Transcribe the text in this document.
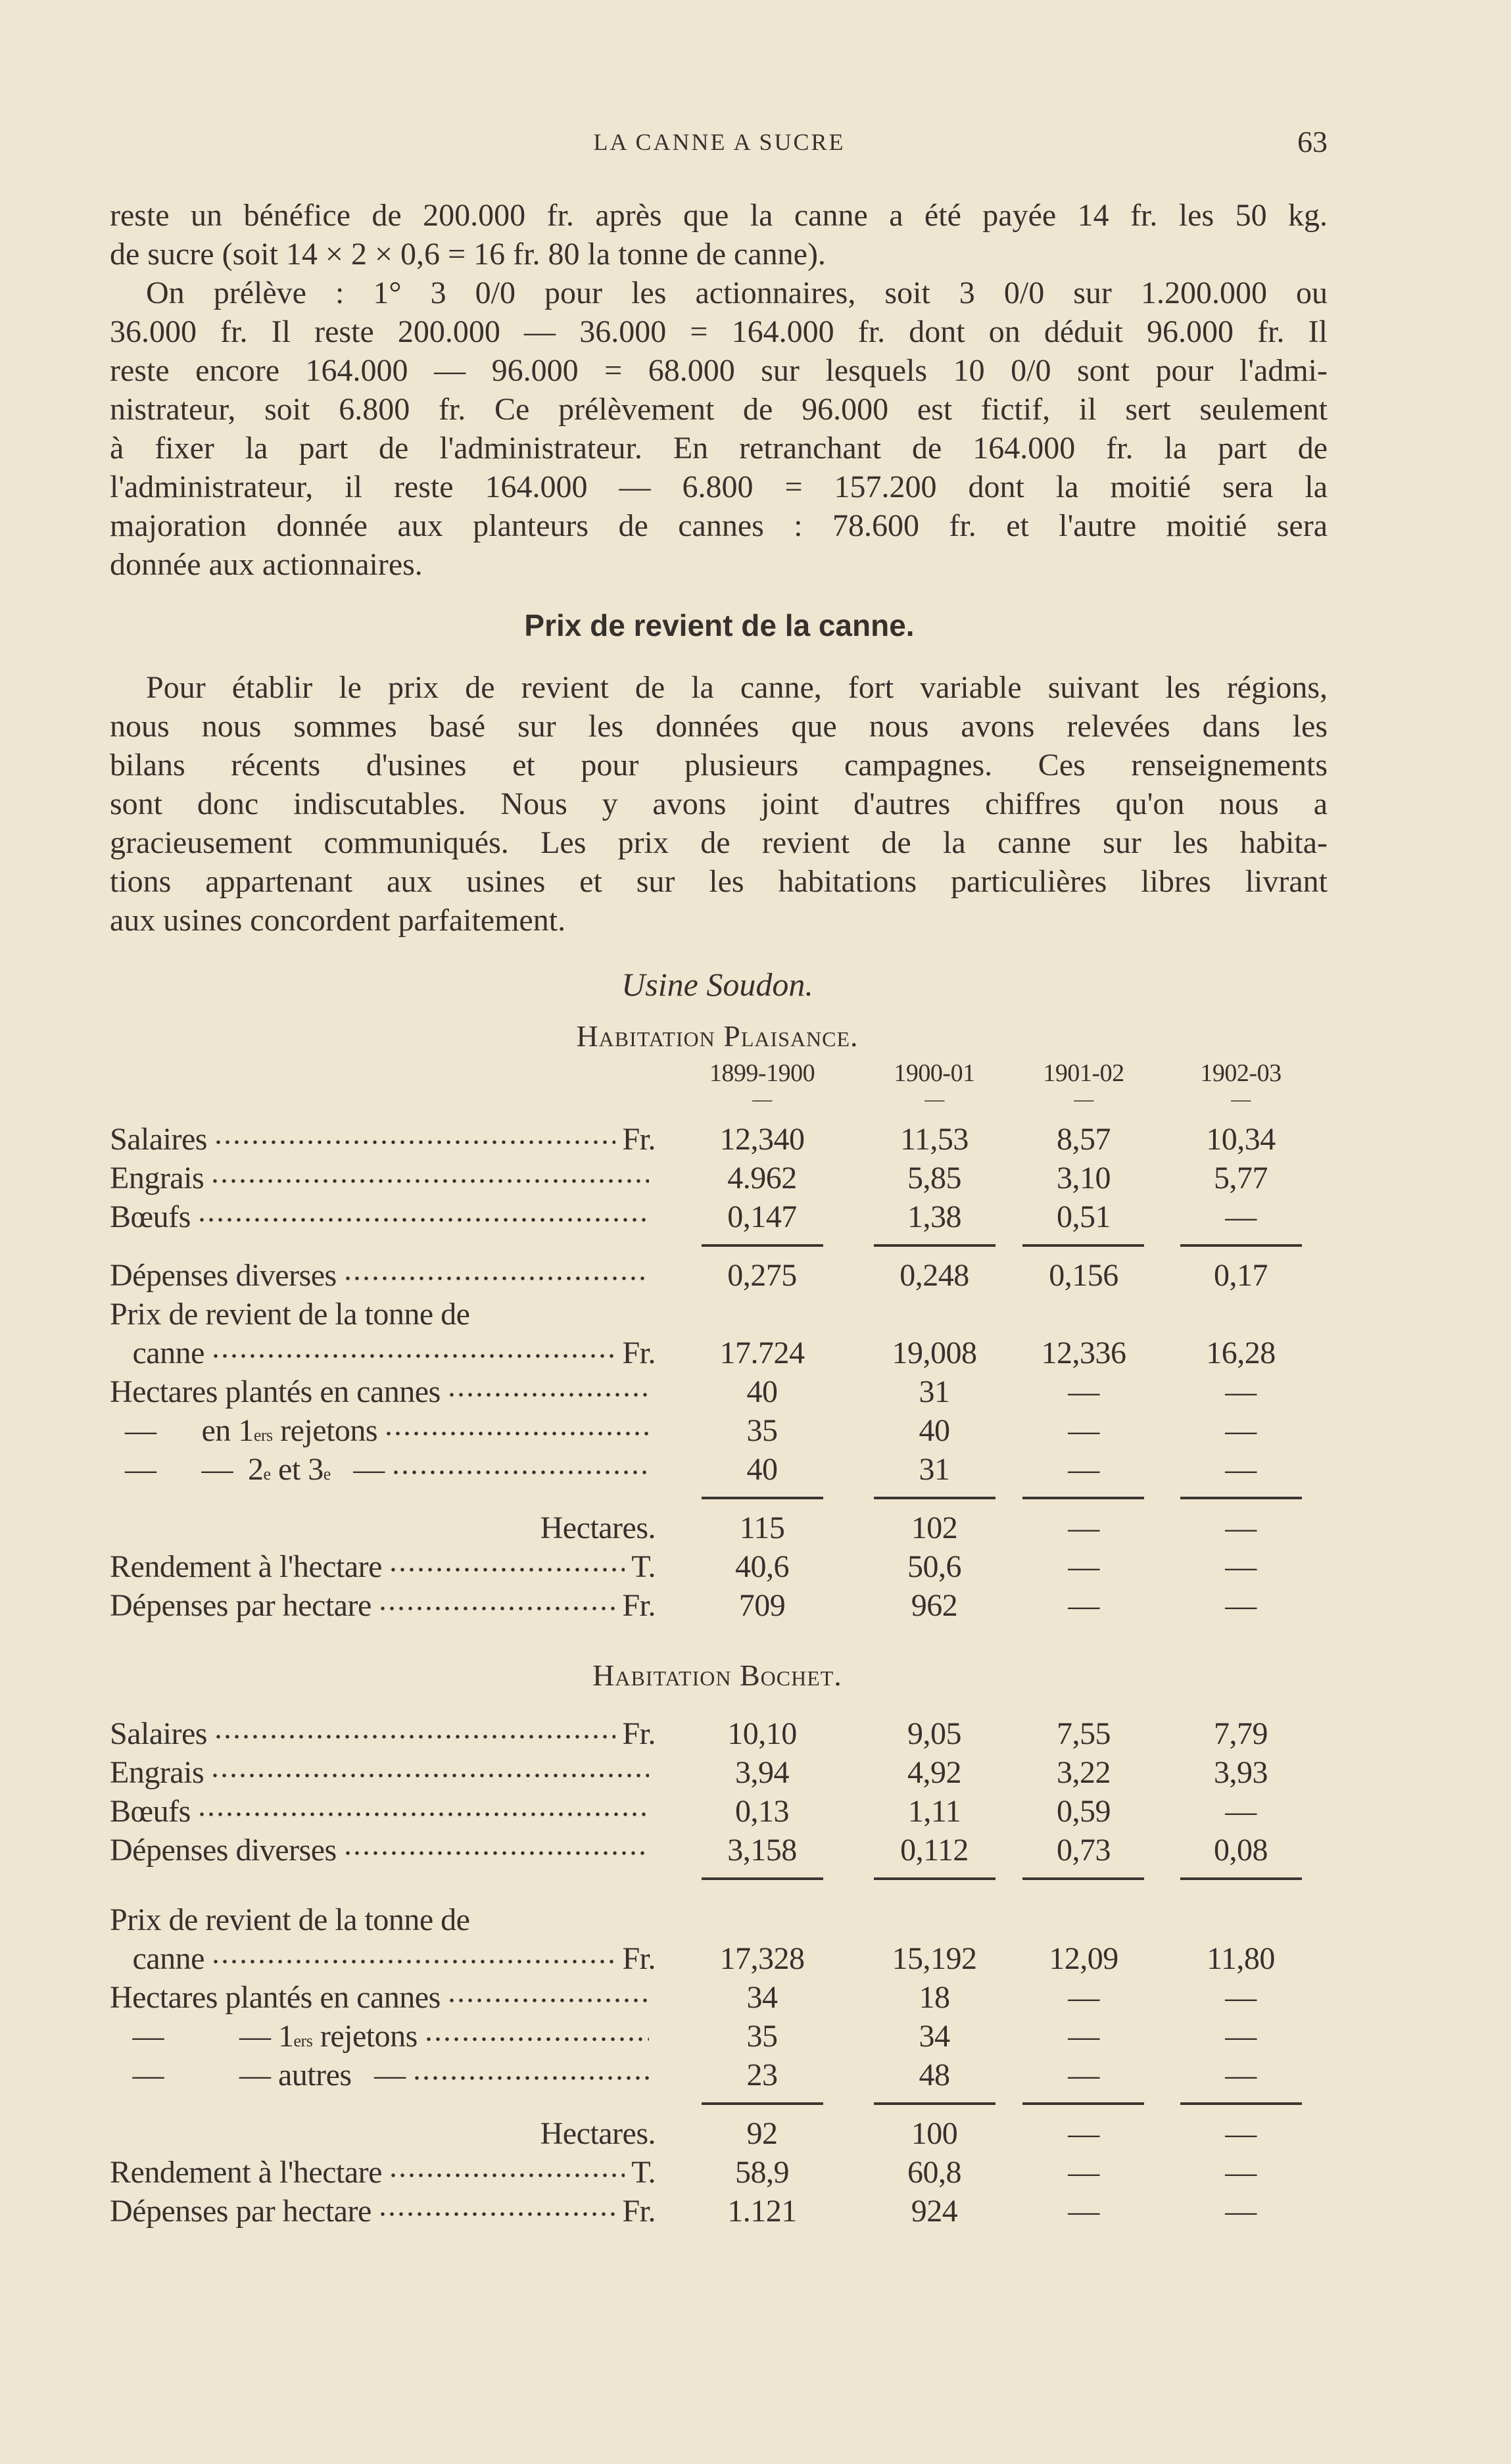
LA CANNE A SUCRE	63
reste un bénéfice de 200.000 fr. après que la canne a été payée 14 fr. les 50 kg.
de sucre (soit 14 × 2 × 0,6 = 16 fr. 80 la tonne de canne).
On prélève : 1° 3 0/0 pour les actionnaires, soit 3 0/0 sur 1.200.000 ou
36.000 fr. Il reste 200.000 — 36.000 = 164.000 fr. dont on déduit 96.000 fr. Il
reste encore 164.000 — 96.000 = 68.000 sur lesquels 10 0/0 sont pour l'admi-
nistrateur, soit 6.800 fr. Ce prélèvement de 96.000 est fictif, il sert seulement
à fixer la part de l'administrateur. En retranchant de 164.000 fr. la part de
l'administrateur, il reste 164.000 — 6.800 = 157.200 dont la moitié sera la
majoration donnée aux planteurs de cannes : 78.600 fr. et l'autre moitié sera
donnée aux actionnaires.
Prix de revient de la canne.
Pour établir le prix de revient de la canne, fort variable suivant les régions,
nous nous sommes basé sur les données que nous avons relevées dans les
bilans récents d'usines et pour plusieurs campagnes. Ces renseignements
sont donc indiscutables. Nous y avons joint d'autres chiffres qu'on nous a
gracieusement communiqués. Les prix de revient de la canne sur les habita-
tions appartenant aux usines et sur les habitations particulières libres livrant
aux usines concordent parfaitement.
Usine Soudon.
Habitation Plaisance.
1899-1900	1900-01	1901-02	1902-03
—	—	—	—
Salaires	Fr.	12,340	11,53	8,57	10,34
Engrais	4.962	5,85	3,10	5,77
Bœufs	0,147	1,38	0,51	—
Dépenses diverses	0,275	0,248	0,156	0,17
Prix de revient de la tonne de
canne	Fr.	17.724	19,008	12,336	16,28
Hectares plantés en cannes	40	31	—	—
—      en 1 ers rejetons	35	40	—	—
—      —  2 e et 3 e —	40	31	—	—
Hectares.	115	102	—	—
Rendement à l'hectare	T.	40,6	50,6	—	—
Dépenses par hectare	Fr.	709	962	—	—
Habitation Bochet.
Salaires	Fr.	10,10	9,05	7,55	7,79
Engrais	3,94	4,92	3,22	3,93
Bœufs	0,13	1,11	0,59	—
Dépenses diverses	3,158	0,112	0,73	0,08
Prix de revient de la tonne de
canne	Fr.	17,328	15,192	12,09	11,80
Hectares plantés en cannes	34	18	—	—
—          — 1 ers rejetons	35	34	—	—
—          — autres   —	23	48	—	—
Hectares.	92	100	—	—
Rendement à l'hectare	T.	58,9	60,8	—	—
Dépenses par hectare	Fr.	1.121	924	—	—
